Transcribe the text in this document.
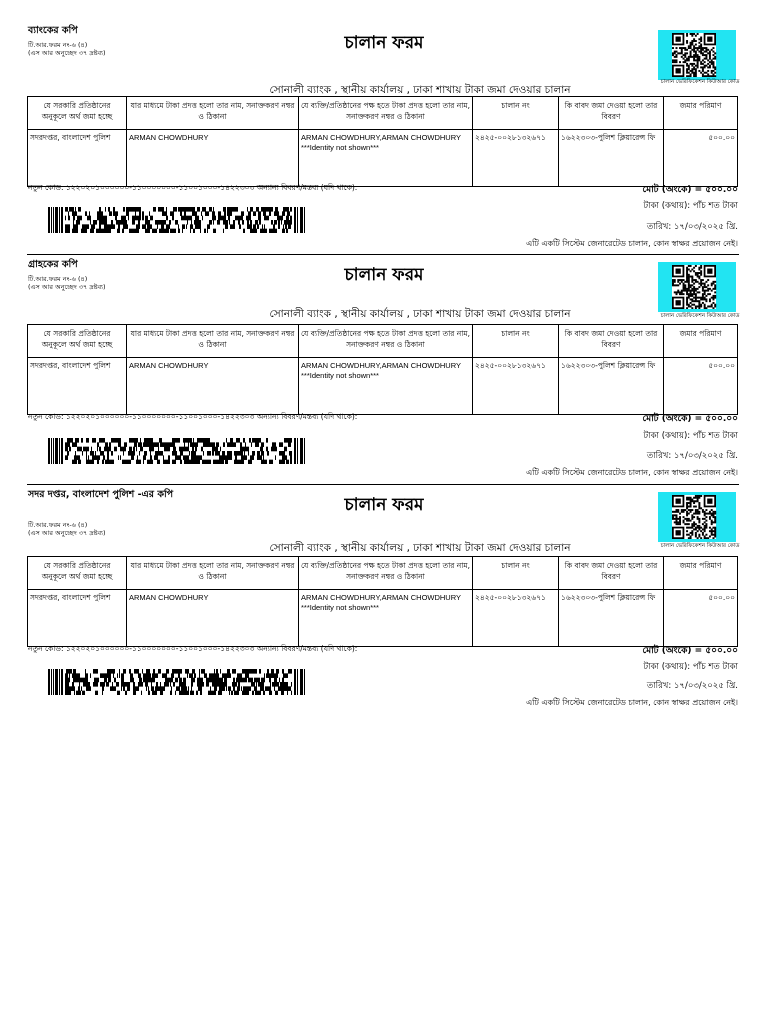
ব্যাংকের কপি
টি.আর.ফরম নং-৬ (৪)
(এস আর অনুচ্ছেদ ৩৭ দ্রষ্টব্য)	চালান ফরম
চালান ভেরিফিকেশন কিউআর কোড
সোনালী ব্যাংক , স্থানীয় কার্যালয় , ঢাকা শাখায় টাকা জমা দেওয়ার চালান
যে সরকারি প্রতিষ্ঠানের অনুকূলে অর্থ জমা হচ্ছে	যার মাধ্যমে টাকা প্রদত্ত হলো তার নাম, সনাক্তকরণ নম্বর ও ঠিকানা	যে ব্যক্তি/প্রতিষ্ঠানের পক্ষ হতে টাকা প্রদত্ত হলো তার নাম, সনাক্তকরণ নম্বর ও ঠিকানা	চালান নং	কি বাবদ জমা দেওয়া হলো তার বিবরণ	জমার পরিমাণ
সদরদপ্তর, বাংলাদেশ পুলিশ	ARMAN CHOWDHURY	ARMAN CHOWDHURY,ARMAN CHOWDHURY
***Identity not shown***	২৪২৫-০০২৮১৩২৬৭১	১৬২২৩০৩-পুলিশ ক্লিয়ারেন্স ফি	৫০০.০০
নতুন কোড: ১২২০২০১০০০০০০-১১০০০০০০০-১১০০১০০০-১৪২২৩০৩ অন্যান্য বিবরণ/মন্তব্য (যদি থাকে):	মোট (অংকে) = ৫০০.০০
টাকা (কথায়): পাঁচ শত টাকা
তারিখ: ১৭/০৩/২০২৫ খ্রি.
এটি একটি সিস্টেম জেনারেটেড চালান, কোন স্বাক্ষর প্রয়োজন নেই।
গ্রাহকের কপি
টি.আর.ফরম নং-৬ (৪)
(এস আর অনুচ্ছেদ ৩৭ দ্রষ্টব্য)
চালান ফরম
চালান ভেরিফিকেশন কিউআর কোড
সোনালী ব্যাংক , স্থানীয় কার্যালয় , ঢাকা শাখায় টাকা জমা দেওয়ার চালান
যে সরকারি প্রতিষ্ঠানের অনুকূলে অর্থ জমা হচ্ছে	যার মাধ্যমে টাকা প্রদত্ত হলো তার নাম, সনাক্তকরণ নম্বর ও ঠিকানা	যে ব্যক্তি/প্রতিষ্ঠানের পক্ষ হতে টাকা প্রদত্ত হলো তার নাম, সনাক্তকরণ নম্বর ও ঠিকানা	চালান নং	কি বাবদ জমা দেওয়া হলো তার বিবরণ	জমার পরিমাণ
সদরদপ্তর, বাংলাদেশ পুলিশ	ARMAN CHOWDHURY	ARMAN CHOWDHURY,ARMAN CHOWDHURY
***Identity not shown***	২৪২৫-০০২৮১৩২৬৭১	১৬২২৩০৩-পুলিশ ক্লিয়ারেন্স ফি	৫০০.০০
নতুন কোড: ১২২০২০১০০০০০০-১১০০০০০০০-১১০০১০০০-১৪২২৩০৩ অন্যান্য বিবরণ/মন্তব্য (যদি থাকে):	মোট (অংকে) = ৫০০.০০
টাকা (কথায়): পাঁচ শত টাকা
তারিখ: ১৭/০৩/২০২৫ খ্রি.
এটি একটি সিস্টেম জেনারেটেড চালান, কোন স্বাক্ষর প্রয়োজন নেই।
সদর দপ্তর, বাংলাদেশ পুলিশ -এর কপি
টি.আর.ফরম নং-৬ (৪)
(এস আর অনুচ্ছেদ ৩৭ দ্রষ্টব্য)
চালান ফরম
চালান ভেরিফিকেশন কিউআর কোড
সোনালী ব্যাংক , স্থানীয় কার্যালয় , ঢাকা শাখায় টাকা জমা দেওয়ার চালান
যে সরকারি প্রতিষ্ঠানের অনুকূলে অর্থ জমা হচ্ছে	যার মাধ্যমে টাকা প্রদত্ত হলো তার নাম, সনাক্তকরণ নম্বর ও ঠিকানা	যে ব্যক্তি/প্রতিষ্ঠানের পক্ষ হতে টাকা প্রদত্ত হলো তার নাম, সনাক্তকরণ নম্বর ও ঠিকানা	চালান নং	কি বাবদ জমা দেওয়া হলো তার বিবরণ	জমার পরিমাণ
সদরদপ্তর, বাংলাদেশ পুলিশ	ARMAN CHOWDHURY	ARMAN CHOWDHURY,ARMAN CHOWDHURY
***Identity not shown***	২৪২৫-০০২৮১৩২৬৭১	১৬২২৩০৩-পুলিশ ক্লিয়ারেন্স ফি	৫০০.০০
নতুন কোড: ১২২০২০১০০০০০০-১১০০০০০০০-১১০০১০০০-১৪২২৩০৩ অন্যান্য বিবরণ/মন্তব্য (যদি থাকে):	মোট (অংকে) = ৫০০.০০
টাকা (কথায়): পাঁচ শত টাকা
তারিখ: ১৭/০৩/২০২৫ খ্রি.
এটি একটি সিস্টেম জেনারেটেড চালান, কোন স্বাক্ষর প্রয়োজন নেই।
